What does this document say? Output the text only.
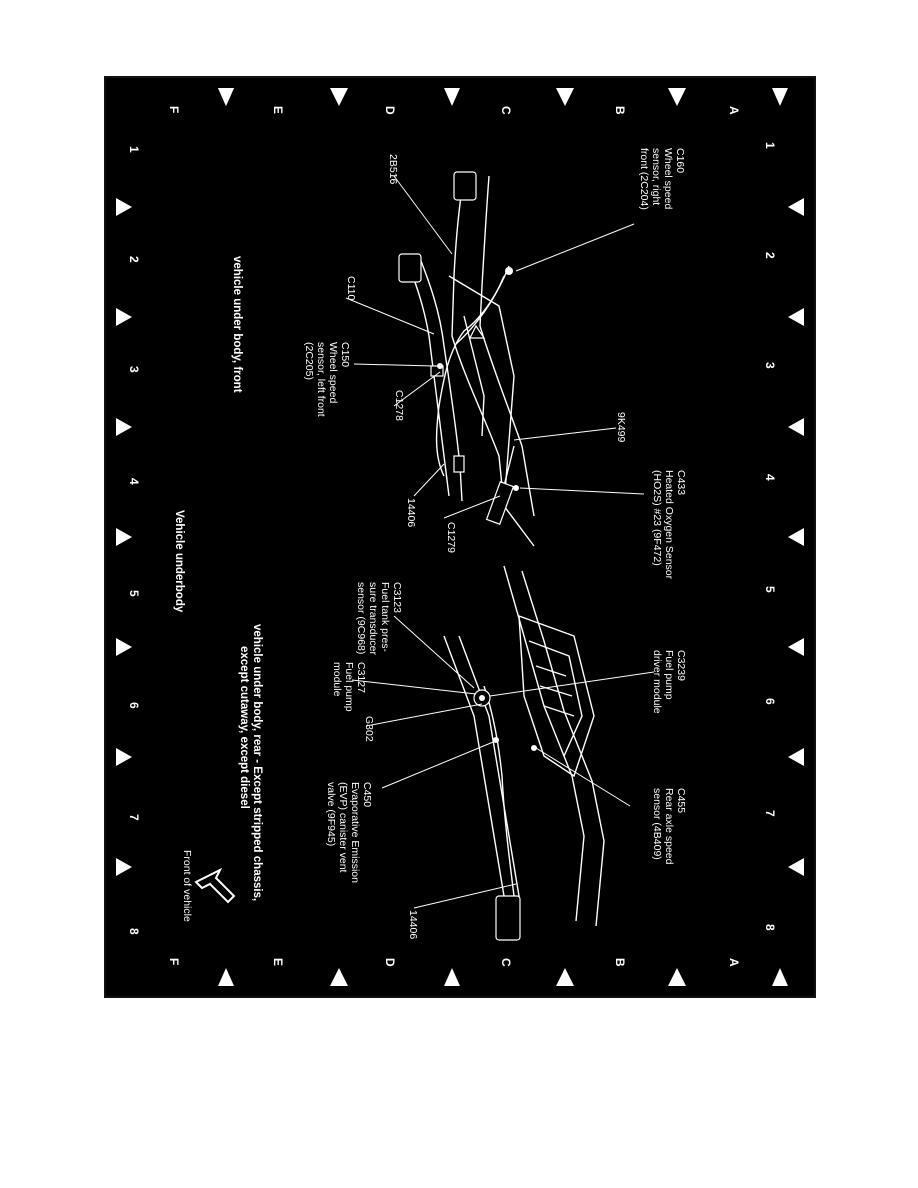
1
2
3
4
5
6
7
8
1
2
3
4
5
6
7
8
A
B
C
D
E
F
A
B
C
D
E
F
C160
Wheel speed
sensor, right
front (2C204)
2B516
C110
C150
Wheel speed
sensor, left front
(2C205)
C1278
9K499
C433
Heated Oxygen Sensor
(HO2S) #23 (9F472)
14406
C1279
C3123
Fuel tank pres-
sure transducer
sensor (9C968)
C3239
Fuel pump
driver module
C3127
Fuel pump
module
G302
C450
Evaporative Emission
(EVP) canister vent
valve (9F945)	C455
Rear axle speed
sensor (4B409)
14406
vehicle under body, front
Vehicle underbody
vehicle under body, rear - Except stripped chassis,
except cutaway, except diesel
Front of vehicle
